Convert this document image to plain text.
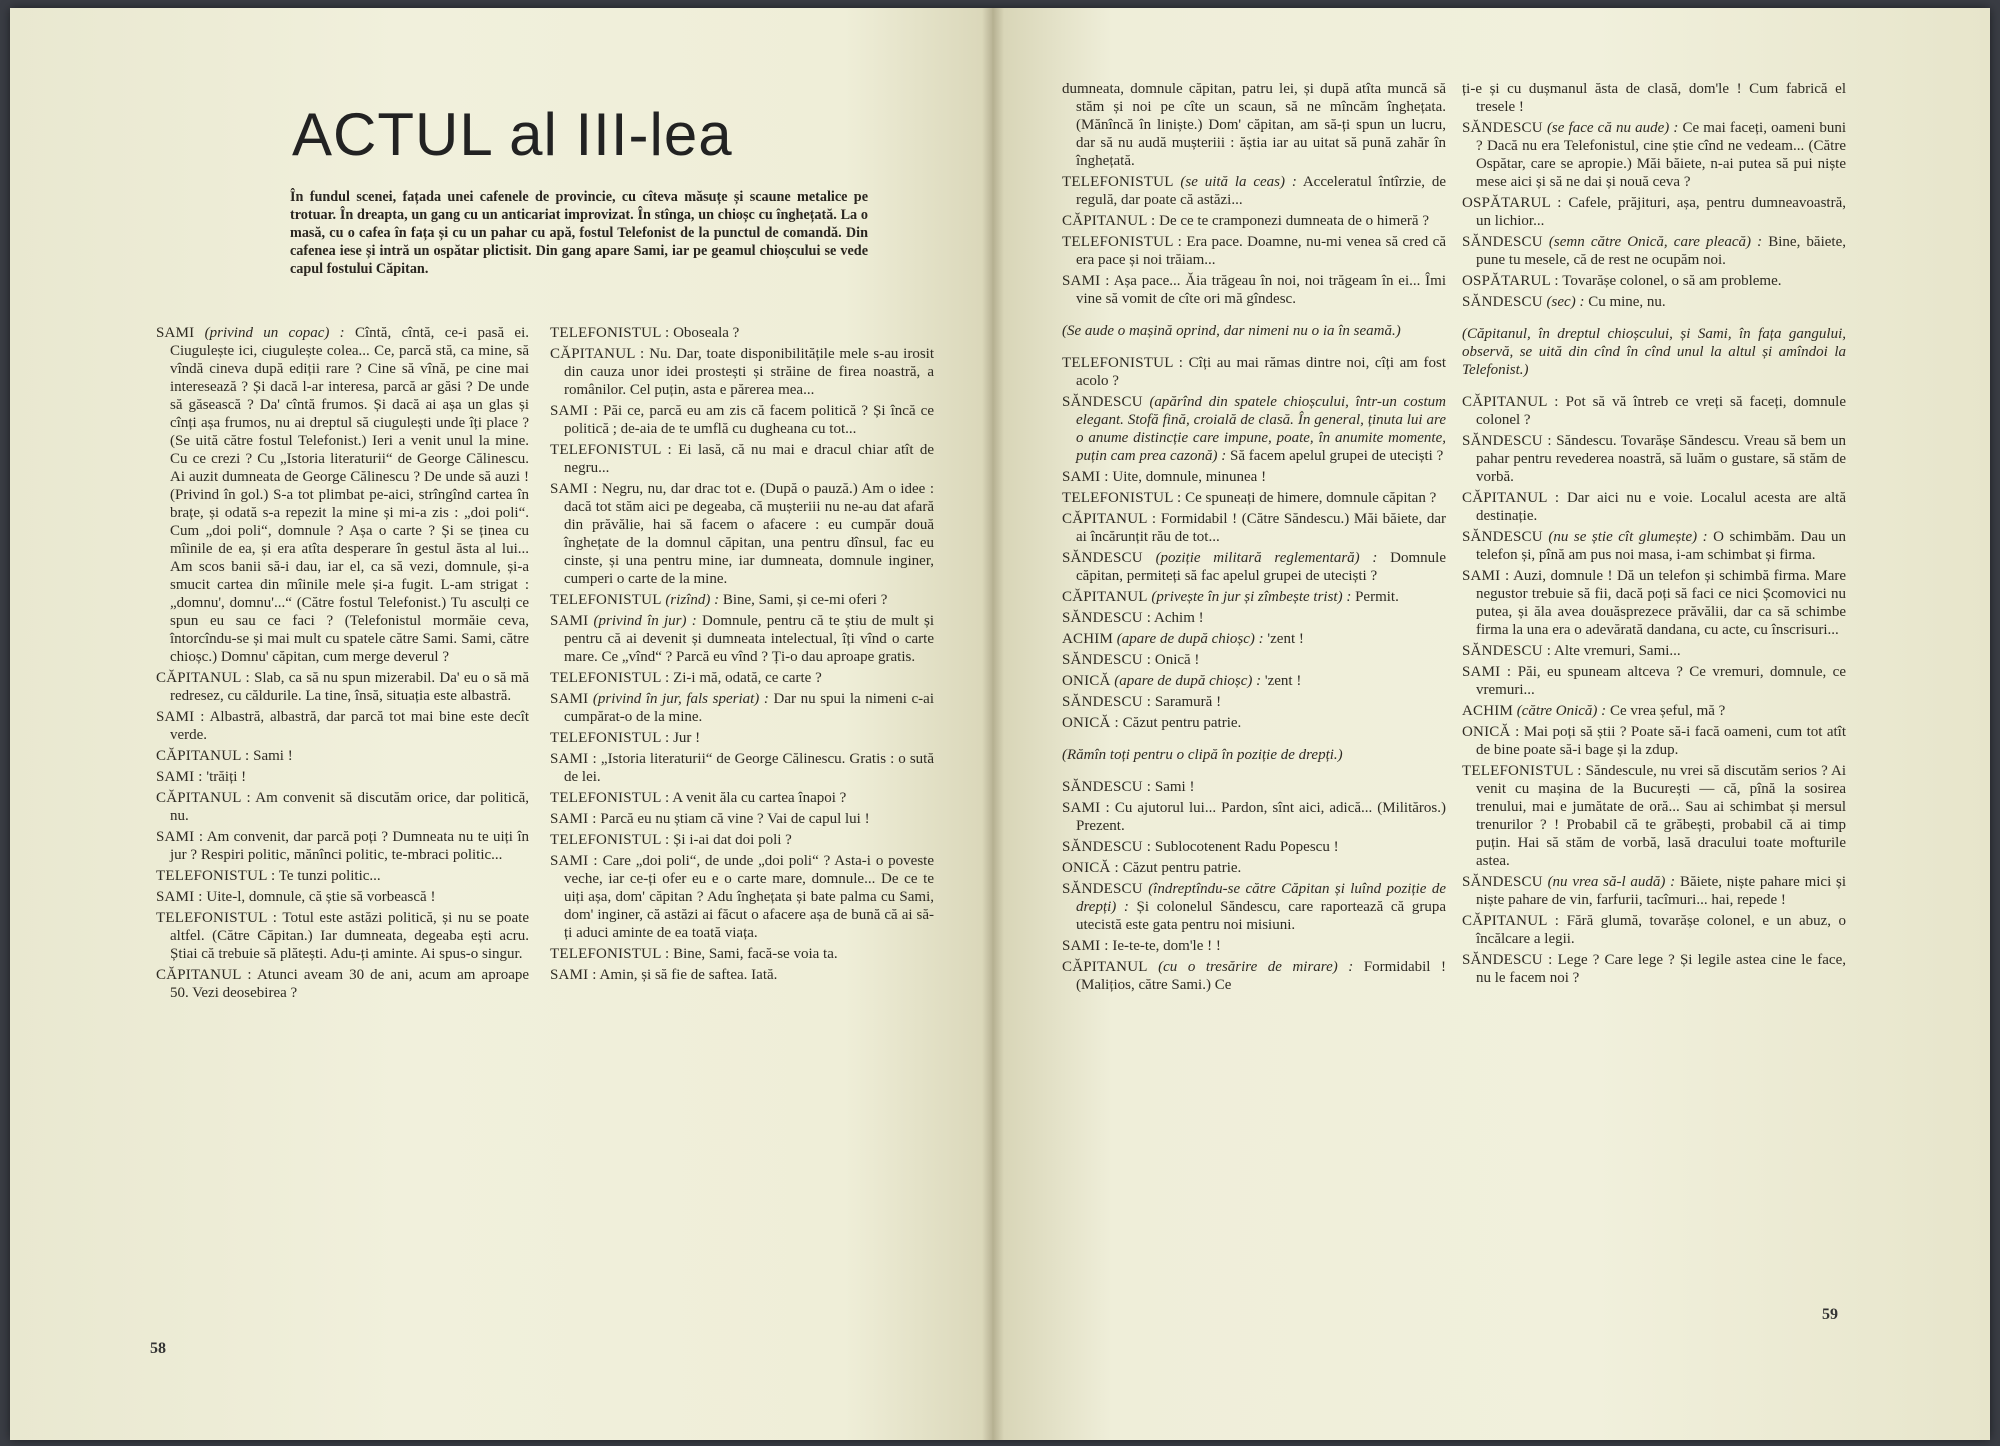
ACTUL al III-lea

În fundul scenei, fațada unei cafenele de provincie, cu cîteva măsuțe și scaune metalice pe trotuar. În dreapta, un gang cu un anticariat improvizat. În stînga, un chioșc cu înghețată. La o masă, cu o cafea în fața și cu un pahar cu apă, fostul Telefonist de la punctul de comandă. Din cafenea iese și intră un ospătar plictisit. Din gang apare Sami, iar pe geamul chioșcului se vede capul fostului Căpitan.

SAMI (privind un copac) : Cîntă, cîntă, ce-i pasă ei. Ciugulește ici, ciugulește colea... Ce, parcă stă, ca mine, să vîndă cineva după ediții rare ? Cine să vînă, pe cine mai interesează ? Și dacă l-ar interesa, parcă ar găsi ? De unde să găsească ? Da' cîntă frumos. Și dacă ai așa un glas și cînți așa frumos, nu ai dreptul să ciugulești unde îți place ? (Se uită către fostul Telefonist.) Ieri a venit unul la mine. Cu ce crezi ? Cu „Istoria literaturii“ de George Călinescu. Ai auzit dumneata de George Călinescu ? De unde să auzi ! (Privind în gol.) S-a tot plimbat pe-aici, strîngînd cartea în brațe, și odată s-a repezit la mine și mi-a zis : „doi poli“. Cum „doi poli“, domnule ? Așa o carte ? Și se ținea cu mîinile de ea, și era atîta desperare în gestul ăsta al lui... Am scos banii să-i dau, iar el, ca să vezi, domnule, și-a smucit cartea din mîinile mele și-a fugit. L-am strigat : „domnu', domnu'...“ (Către fostul Telefonist.) Tu asculți ce spun eu sau ce faci ? (Telefonistul mormăie ceva, întorcîndu-se și mai mult cu spatele către Sami. Sami, către chioșc.) Domnu' căpitan, cum merge deverul ?

CĂPITANUL : Slab, ca să nu spun mizerabil. Da' eu o să mă redresez, cu căldurile. La tine, însă, situația este albastră.

SAMI : Albastră, albastră, dar parcă tot mai bine este decît verde.

CĂPITANUL : Sami !

SAMI : 'trăiți !

CĂPITANUL : Am convenit să discutăm orice, dar politică, nu.

SAMI : Am convenit, dar parcă poți ? Dumneata nu te uiți în jur ? Respiri politic, mănînci politic, te-mbraci politic...

TELEFONISTUL : Te tunzi politic...

SAMI : Uite-l, domnule, că știe să vorbească !

TELEFONISTUL : Totul este astăzi politică, și nu se poate altfel. (Către Căpitan.) Iar dumneata, degeaba ești acru. Știai că trebuie să plătești. Adu-ți aminte. Ai spus-o singur.

CĂPITANUL : Atunci aveam 30 de ani, acum am aproape 50. Vezi deosebirea ?

TELEFONISTUL : Oboseala ?

CĂPITANUL : Nu. Dar, toate disponibilitățile mele s-au irosit din cauza unor idei prostești și străine de firea noastră, a românilor. Cel puțin, asta e părerea mea...

SAMI : Păi ce, parcă eu am zis că facem politică ? Și încă ce politică ; de-aia de te umflă cu dugheana cu tot...

TELEFONISTUL : Ei lasă, că nu mai e dracul chiar atît de negru...

SAMI : Negru, nu, dar drac tot e. (După o pauză.) Am o idee : dacă tot stăm aici pe degeaba, că mușteriii nu ne-au dat afară din prăvălie, hai să facem o afacere : eu cumpăr două înghețate de la domnul căpitan, una pentru dînsul, fac eu cinste, și una pentru mine, iar dumneata, domnule inginer, cumperi o carte de la mine.

TELEFONISTUL (rizînd) : Bine, Sami, și ce-mi oferi ?

SAMI (privind în jur) : Domnule, pentru că te știu de mult și pentru că ai devenit și dumneata intelectual, îți vînd o carte mare. Ce „vînd“ ? Parcă eu vînd ? Ți-o dau aproape gratis.

TELEFONISTUL : Zi-i mă, odată, ce carte ?

SAMI (privind în jur, fals speriat) : Dar nu spui la nimeni c-ai cumpărat-o de la mine.

TELEFONISTUL : Jur !

SAMI : „Istoria literaturii“ de George Călinescu. Gratis : o sută de lei.

TELEFONISTUL : A venit ăla cu cartea înapoi ?

SAMI : Parcă eu nu știam că vine ? Vai de capul lui !

TELEFONISTUL : Și i-ai dat doi poli ?

SAMI : Care „doi poli“, de unde „doi poli“ ? Asta-i o poveste veche, iar ce-ți ofer eu e o carte mare, domnule... De ce te uiți așa, dom' căpitan ? Adu înghețata și bate palma cu Sami, dom' inginer, că astăzi ai făcut o afacere așa de bună că ai să-ți aduci aminte de ea toată viața.

TELEFONISTUL : Bine, Sami, facă-se voia ta.

SAMI : Amin, și să fie de saftea. Iată.

dumneata, domnule căpitan, patru lei, și după atîta muncă să stăm și noi pe cîte un scaun, să ne mîncăm înghețata. (Mănîncă în liniște.) Dom' căpitan, am să-ți spun un lucru, dar să nu audă mușteriii : ăștia iar au uitat să pună zahăr în înghețată.

TELEFONISTUL (se uită la ceas) : Acceleratul întîrzie, de regulă, dar poate că astăzi...

CĂPITANUL : De ce te cramponezi dumneata de o himeră ?

TELEFONISTUL : Era pace. Doamne, nu-mi venea să cred că era pace și noi trăiam...

SAMI : Așa pace... Ăia trăgeau în noi, noi trăgeam în ei... Îmi vine să vomit de cîte ori mă gîndesc.

(Se aude o mașină oprind, dar nimeni nu o ia în seamă.)

TELEFONISTUL : Cîți au mai rămas dintre noi, cîți am fost acolo ?

SĂNDESCU (apărînd din spatele chioșcului, într-un costum elegant. Stofă fină, croială de clasă. În general, ținuta lui are o anume distincție care impune, poate, în anumite momente, puțin cam prea cazonă) : Să facem apelul grupei de uteciști ?

SAMI : Uite, domnule, minunea !

TELEFONISTUL : Ce spuneați de himere, domnule căpitan ?

CĂPITANUL : Formidabil ! (Către Săndescu.) Măi băiete, dar ai încărunțit rău de tot...

SĂNDESCU (poziție militară reglementară) : Domnule căpitan, permiteți să fac apelul grupei de uteciști ?

CĂPITANUL (privește în jur și zîmbește trist) : Permit.

SĂNDESCU : Achim !

ACHIM (apare de după chioșc) : 'zent !

SĂNDESCU : Onică !

ONICĂ (apare de după chioșc) : 'zent !

SĂNDESCU : Saramură !

ONICĂ : Căzut pentru patrie.

(Rămîn toți pentru o clipă în poziție de drepți.)

SĂNDESCU : Sami !

SAMI : Cu ajutorul lui... Pardon, sînt aici, adică... (Milităros.) Prezent.

SĂNDESCU : Sublocotenent Radu Popescu !

ONICĂ : Căzut pentru patrie.

SĂNDESCU (îndreptîndu-se către Căpitan și luînd poziție de drepți) : Și colonelul Săndescu, care raportează că grupa utecistă este gata pentru noi misiuni.

SAMI : Ie-te-te, dom'le ! !

CĂPITANUL (cu o tresărire de mirare) : Formidabil ! (Malițios, către Sami.) Ce

ți-e și cu dușmanul ăsta de clasă, dom'le ! Cum fabrică el tresele !

SĂNDESCU (se face că nu aude) : Ce mai faceți, oameni buni ? Dacă nu era Telefonistul, cine știe cînd ne vedeam... (Către Ospătar, care se apropie.) Măi băiete, n-ai putea să pui niște mese aici și să ne dai și nouă ceva ?

OSPĂTARUL : Cafele, prăjituri, așa, pentru dumneavoastră, un lichior...

SĂNDESCU (semn către Onică, care pleacă) : Bine, băiete, pune tu mesele, că de rest ne ocupăm noi.

OSPĂTARUL : Tovarășe colonel, o să am probleme.

SĂNDESCU (sec) : Cu mine, nu.

(Căpitanul, în dreptul chioșcului, și Sami, în fața gangului, observă, se uită din cînd în cînd unul la altul și amîndoi la Telefonist.)

CĂPITANUL : Pot să vă întreb ce vreți să faceți, domnule colonel ?

SĂNDESCU : Săndescu. Tovarășe Săndescu. Vreau să bem un pahar pentru revederea noastră, să luăm o gustare, să stăm de vorbă.

CĂPITANUL : Dar aici nu e voie. Localul acesta are altă destinație.

SĂNDESCU (nu se știe cît glumește) : O schimbăm. Dau un telefon și, pînă am pus noi masa, i-am schimbat și firma.

SAMI : Auzi, domnule ! Dă un telefon și schimbă firma. Mare negustor trebuie să fii, dacă poți să faci ce nici Școmovici nu putea, și ăla avea douăsprezece prăvălii, dar ca să schimbe firma la una era o adevărată dandana, cu acte, cu înscrisuri...

SĂNDESCU : Alte vremuri, Sami...

SAMI : Păi, eu spuneam altceva ? Ce vremuri, domnule, ce vremuri...

ACHIM (către Onică) : Ce vrea șeful, mă ?

ONICĂ : Mai poți să știi ? Poate să-i facă oameni, cum tot atît de bine poate să-i bage și la zdup.

TELEFONISTUL : Săndescule, nu vrei să discutăm serios ? Ai venit cu mașina de la București — că, pînă la sosirea trenului, mai e jumătate de oră... Sau ai schimbat și mersul trenurilor ? ! Probabil că te grăbești, probabil că ai timp puțin. Hai să stăm de vorbă, lasă dracului toate mofturile astea.

SĂNDESCU (nu vrea să-l audă) : Băiete, niște pahare mici și niște pahare de vin, farfurii, tacîmuri... hai, repede !

CĂPITANUL : Fără glumă, tovarășe colonel, e un abuz, o încălcare a legii.

SĂNDESCU : Lege ? Care lege ? Și legile astea cine le face, nu le facem noi ?

58
59
